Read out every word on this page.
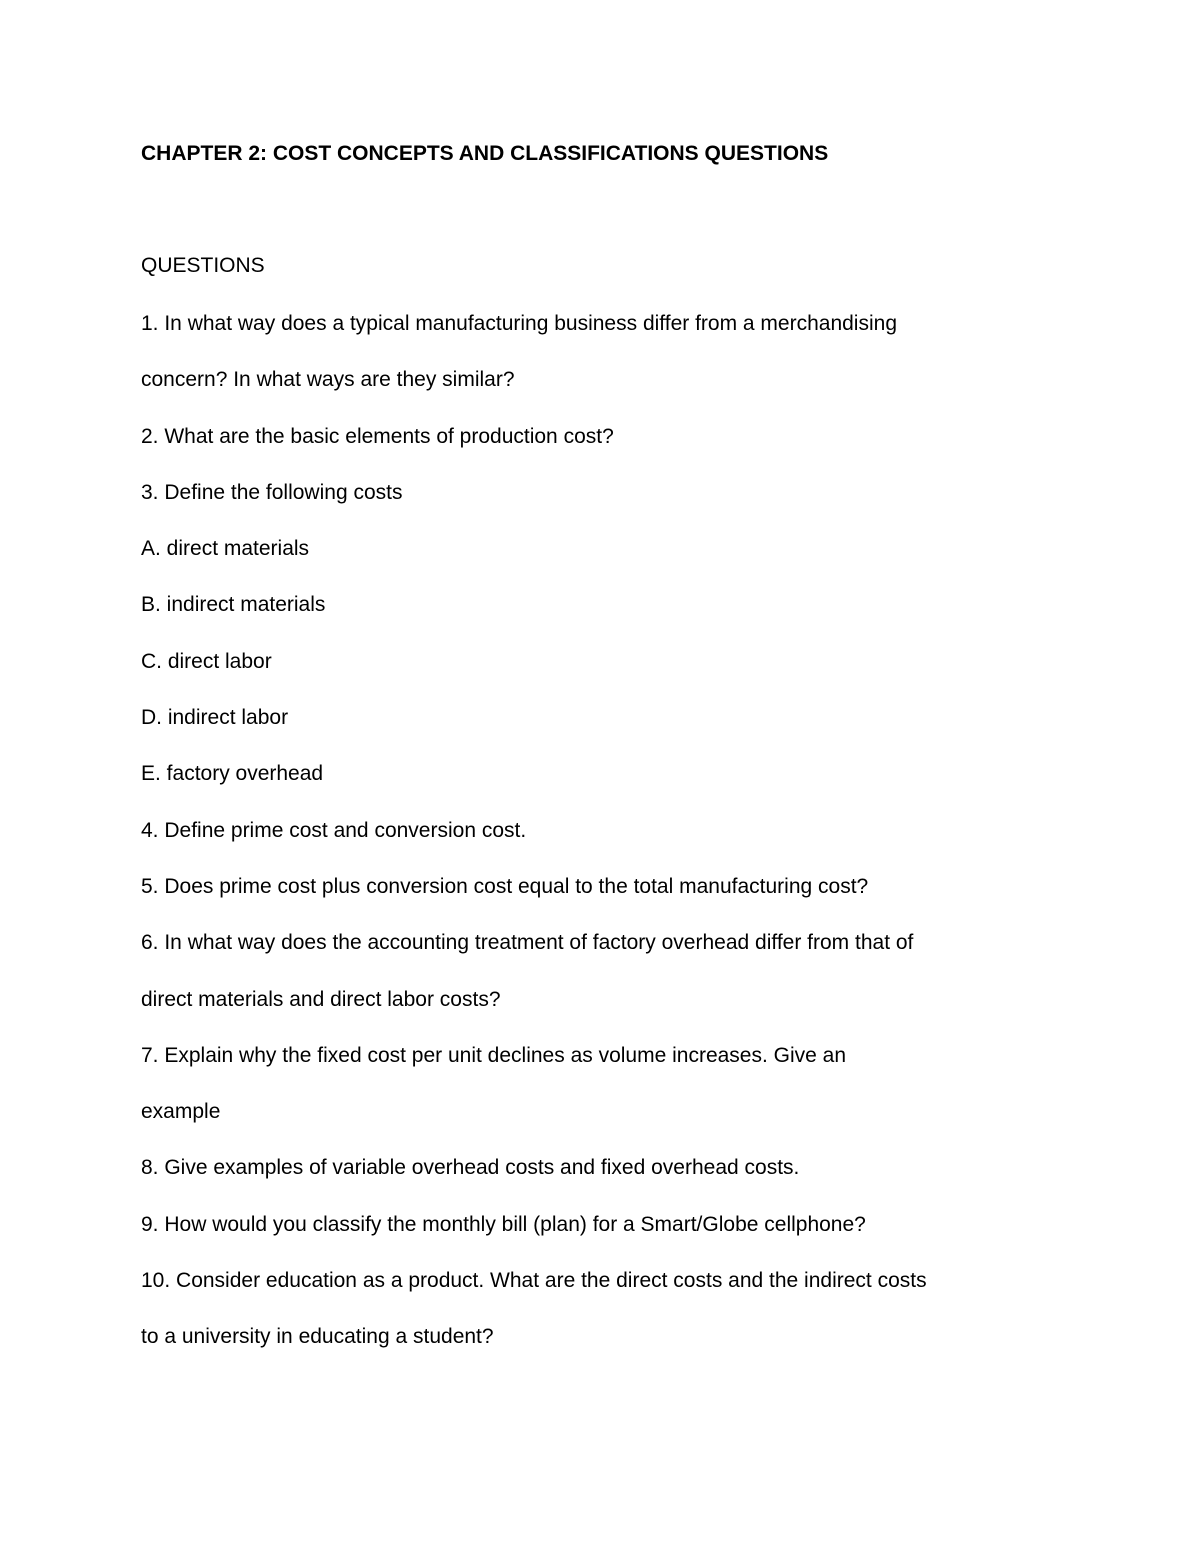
CHAPTER 2: COST CONCEPTS AND CLASSIFICATIONS QUESTIONS
QUESTIONS
1. In what way does a typical manufacturing business differ from a merchandising
concern? In what ways are they similar?
2. What are the basic elements of production cost?
3. Define the following costs
A. direct materials
B. indirect materials
C. direct labor
D. indirect labor
E. factory overhead
4. Define prime cost and conversion cost.
5. Does prime cost plus conversion cost equal to the total manufacturing cost?
6. In what way does the accounting treatment of factory overhead differ from that of
direct materials and direct labor costs?
7. Explain why the fixed cost per unit declines as volume increases. Give an
example
8. Give examples of variable overhead costs and fixed overhead costs.
9. How would you classify the monthly bill (plan) for a Smart/Globe cellphone?
10. Consider education as a product. What are the direct costs and the indirect costs
to a university in educating a student?
